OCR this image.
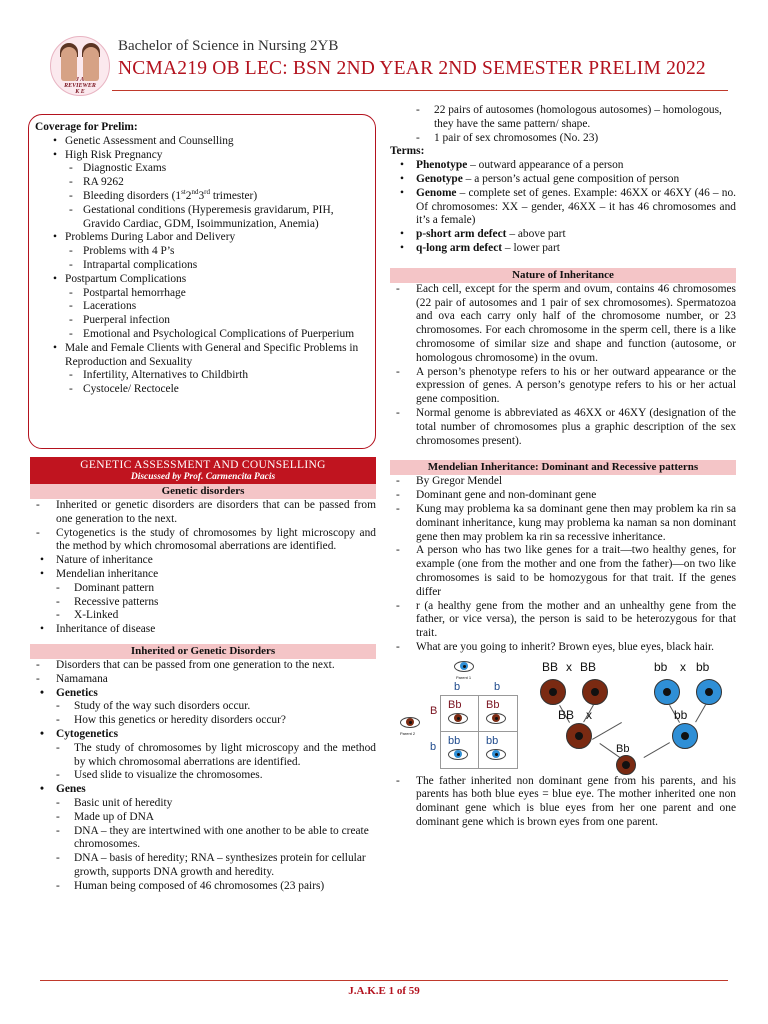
J A
REVIEWER
K E
Bachelor of Science in Nursing 2YB
NCMA219 OB LEC: BSN 2ND YEAR 2ND SEMESTER PRELIM 2022
Coverage for Prelim:
• Genetic Assessment and Counselling
• High Risk Pregnancy
- Diagnostic Exams
- RA 9262
- Bleeding disorders (1st2nd3rd trimester)
- Gestational conditions (Hyperemesis gravidarum, PIH, Gravido Cardiac, GDM, Isoimmunization, Anemia)
• Problems During Labor and Delivery
- Problems with 4 P’s
- Intrapartal complications
• Postpartum Complications
- Postpartal hemorrhage
- Lacerations
- Puerperal infection
- Emotional and Psychological Complications of Puerperium
• Male and Female Clients with General and Specific Problems in Reproduction and Sexuality
- Infertility, Alternatives to Childbirth
- Cystocele/ Rectocele
GENETIC ASSESSMENT AND COUNSELLING
Discussed by Prof. Carmencita Pacis
Genetic disorders
- Inherited or genetic disorders are disorders that can be passed from one generation to the next.
- Cytogenetics is the study of chromosomes by light microscopy and the method by which chromosomal aberrations are identified.
• Nature of inheritance
• Mendelian inheritance
- Dominant pattern
- Recessive patterns
- X-Linked
• Inheritance of disease
Inherited or Genetic Disorders
- Disorders that can be passed from one generation to the next.
- Namamana
• Genetics
- Study of the way such disorders occur.
- How this genetics or heredity disorders occur?
• Cytogenetics
- The study of chromosomes by light microscopy and the method by which chromosomal aberrations are identified.
- Used slide to visualize the chromosomes.
• Genes
- Basic unit of heredity
- Made up of DNA
- DNA – they are intertwined with one another to be able to create chromosomes.
- DNA – basis of heredity; RNA – synthesizes protein for cellular growth, supports DNA growth and heredity.
- Human being composed of 46 chromosomes (23 pairs)
- 22 pairs of autosomes (homologous autosomes) – homologous, they have the same pattern/ shape.
- 1 pair of sex chromosomes (No. 23)
Terms:
• Phenotype – outward appearance of a person
• Genotype – a person’s actual gene composition of person
• Genome – complete set of genes. Example: 46XX or 46XY (46 – no. Of chromosomes: XX – gender, 46XX – it has 46 chromosomes and it’s a female)
• p-short arm defect – above part
• q-long arm defect – lower part
Nature of Inheritance
- Each cell, except for the sperm and ovum, contains 46 chromosomes (22 pair of autosomes and 1 pair of sex chromosomes). Spermatozoa and ova each carry only half of the chromosome number, or 23 chromosomes. For each chromosome in the sperm cell, there is a like chromosome of similar size and shape and function (autosome, or homologous chromosome) in the ovum.
- A person’s phenotype refers to his or her outward appearance or the expression of genes. A person’s genotype refers to his or her actual gene composition.
- Normal genome is abbreviated as 46XX or 46XY (designation of the total number of chromosomes plus a graphic description of the sex chromosomes present).
Mendelian Inheritance: Dominant and Recessive patterns
- By Gregor Mendel
- Dominant gene and non-dominant gene
- Kung may problema ka sa dominant gene then may problem ka rin sa dominant inheritance, kung may problema ka naman sa non dominant gene then may problem ka rin sa recessive inheritance.
- A person who has two like genes for a trait—two healthy genes, for example (one from the mother and one from the father)—on two like chromosomes is said to be homozygous for that trait. If the genes differ
- r (a healthy gene from the mother and an unhealthy gene from the father, or vice versa), the person is said to be heterozygous for that trait.
- What are you going to inherit? Brown eyes, blue eyes, black hair.
Parent 1
b	b
B
b
Parent 2
Bb Bb
bb bb
BB x BB	bb x bb
BB x	bb
Bb
- The father inherited non dominant gene from his parents, and his parents has both blue eyes = blue eye. The mother inherited one non dominant gene which is blue eyes from her one parent and one dominant gene which is brown eyes from one parent.
J.A.K.E 1 of 59
